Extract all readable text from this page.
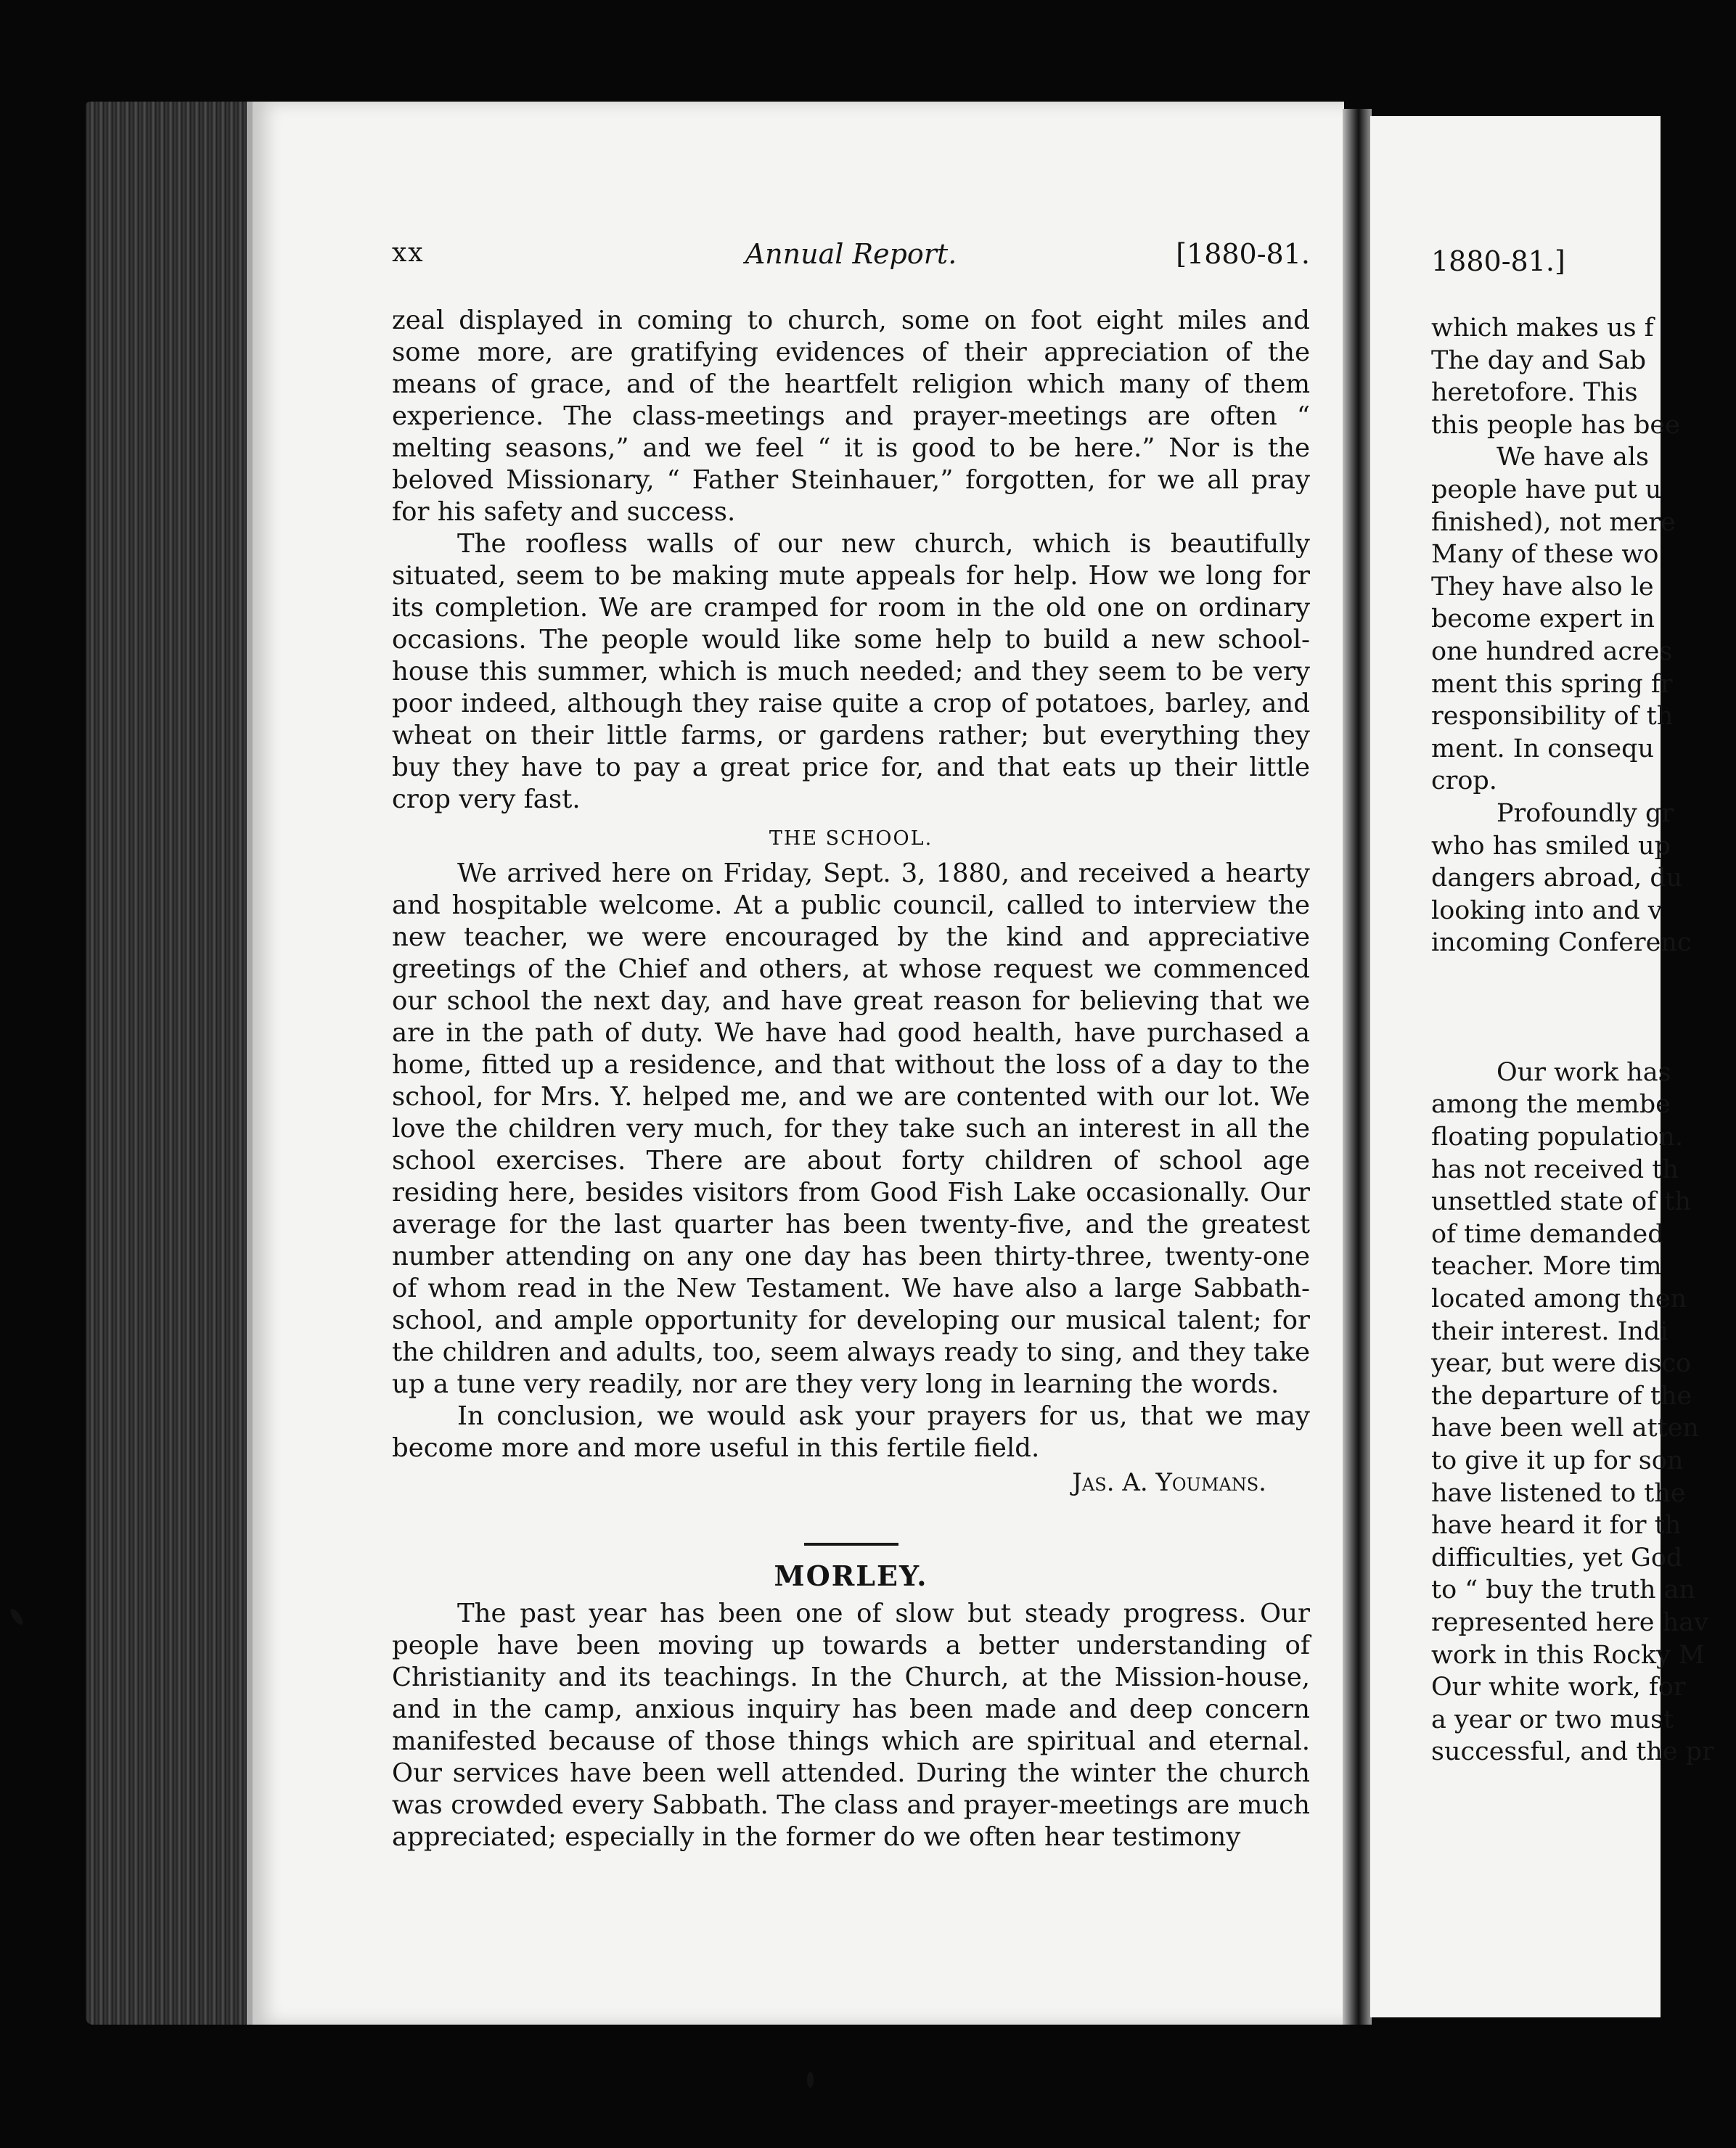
xx	Annual Report.	[1880-81.

zeal displayed in coming to church, some on foot eight miles and some more, are gratifying evidences of their appreciation of the means of grace, and of the heartfelt religion which many of them experience. The class-meetings and prayer-meetings are often “ melting seasons,” and we feel “ it is good to be here.” Nor is the beloved Missionary, “ Father Steinhauer,” forgotten, for we all pray for his safety and success.

The roofless walls of our new church, which is beautifully situated, seem to be making mute appeals for help. How we long for its completion. We are cramped for room in the old one on ordinary occasions. The people would like some help to build a new school-house this summer, which is much needed; and they seem to be very poor indeed, although they raise quite a crop of potatoes, barley, and wheat on their little farms, or gardens rather; but everything they buy they have to pay a great price for, and that eats up their little crop very fast.

THE SCHOOL.

We arrived here on Friday, Sept. 3, 1880, and received a hearty and hospitable welcome. At a public council, called to interview the new teacher, we were encouraged by the kind and appreciative greetings of the Chief and others, at whose request we commenced our school the next day, and have great reason for believing that we are in the path of duty. We have had good health, have purchased a home, fitted up a residence, and that without the loss of a day to the school, for Mrs. Y. helped me, and we are contented with our lot. We love the children very much, for they take such an interest in all the school exercises. There are about forty children of school age residing here, besides visitors from Good Fish Lake occasionally. Our average for the last quarter has been twenty-five, and the greatest number attending on any one day has been thirty-three, twenty-one of whom read in the New Testament. We have also a large Sabbath-school, and ample opportunity for developing our musical talent; for the children and adults, too, seem always ready to sing, and they take up a tune very readily, nor are they very long in learning the words.

In conclusion, we would ask your prayers for us, that we may become more and more useful in this fertile field.

Jas. A. Youmans.
MORLEY.

The past year has been one of slow but steady progress. Our people have been moving up towards a better understanding of Christianity and its teachings. In the Church, at the Mission-house, and in the camp, anxious inquiry has been made and deep concern manifested because of those things which are spiritual and eternal. Our services have been well attended. During the winter the church was crowded every Sabbath. The class and prayer-meetings are much appreciated; especially in the former do we often hear testimony

1880-81.]
which makes us f
The day and Sab
heretofore. This
this people has bee
We have als
people have put u
finished), not mere
Many of these wo
They have also le
become expert in
one hundred acres
ment this spring fr
responsibility of th
ment. In consequ
crop.
Profoundly gr
who has smiled up
dangers abroad, du
looking into and v
incoming Conferenc
Our work has
among the membe
floating population.
has not received th
unsettled state of th
of time demanded
teacher. More tim
located among then
their interest. Indi
year, but were disco
the departure of the
have been well atten
to give it up for son
have listened to the
have heard it for th
difficulties, yet God
to “ buy the truth an
represented here hav
work in this Rocky M
Our white work, for
a year or two must
successful, and the pr
